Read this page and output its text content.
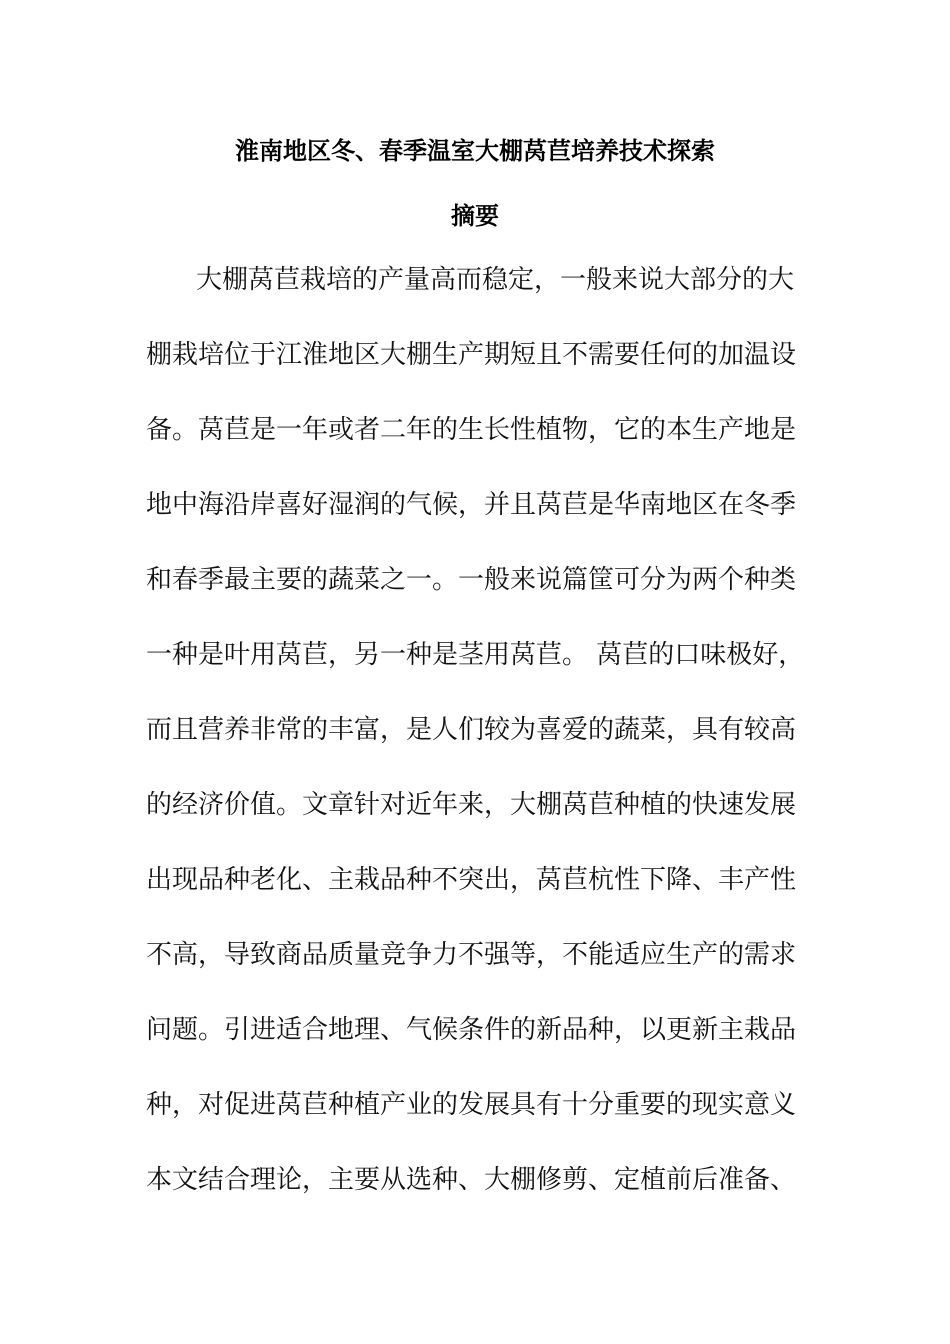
淮南地区冬、春季温室大棚莴苣培养技术探索
摘要
大棚莴苣栽培的产量高而稳定，一般来说大部分的大
棚栽培位于江淮地区大棚生产期短且不需要任何的加温设
备。莴苣是一年或者二年的生长性植物，它的本生产地是
地中海沿岸喜好湿润的气候，并且莴苣是华南地区在冬季
和春季最主要的蔬菜之一。一般来说篇筐可分为两个种类
一种是叶用莴苣，另一种是茎用莴苣。 莴苣的口味极好，
而且营养非常的丰富，是人们较为喜爱的蔬菜，具有较高
的经济价值。文章针对近年来，大棚莴苣种植的快速发展
出现品种老化、主栽品种不突出，莴苣杭性下降、丰产性
不高，导致商品质量竞争力不强等，不能适应生产的需求
问题。引进适合地理、气候条件的新品种，以更新主栽品
种，对促进莴苣种植产业的发展具有十分重要的现实意义
本文结合理论，主要从选种、大棚修剪、定植前后准备、
